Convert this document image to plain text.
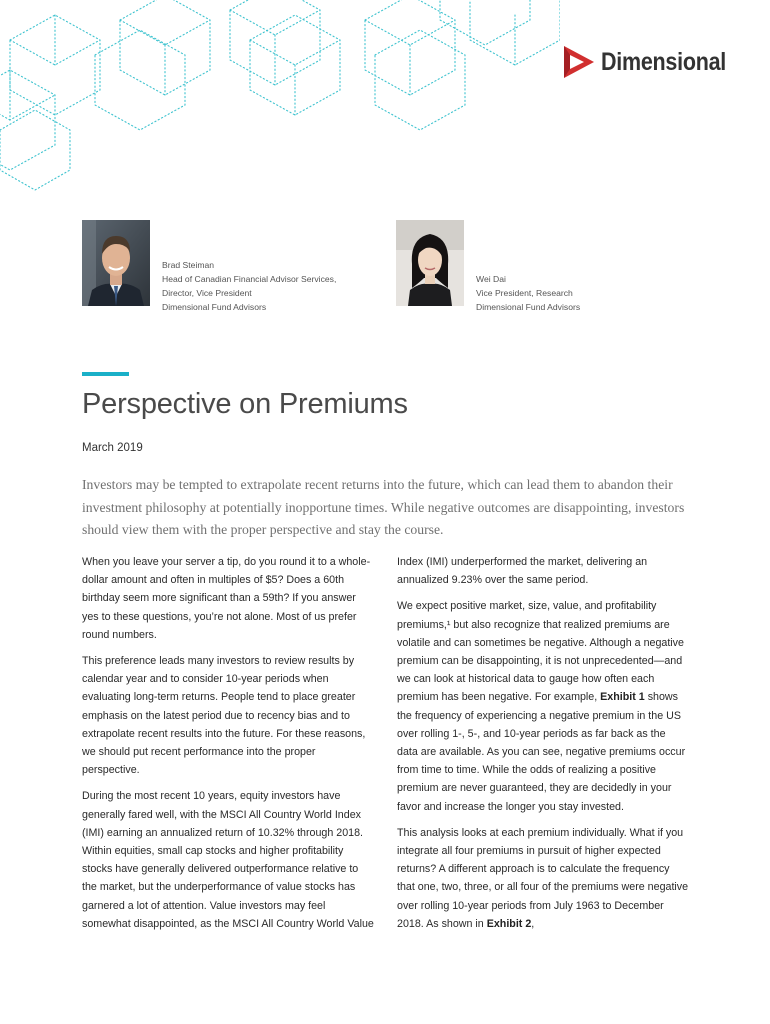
Dimensional
Brad Steiman
Head of Canadian Financial Advisor Services,
Director, Vice President
Dimensional Fund Advisors
Wei Dai
Vice President, Research
Dimensional Fund Advisors
Perspective on Premiums
March 2019

Investors may be tempted to extrapolate recent returns into the future, which can lead them to abandon their investment philosophy at potentially inopportune times. While negative outcomes are disappointing, investors should view them with the proper perspective and stay the course.

When you leave your server a tip, do you round it to a whole-dollar amount and often in multiples of $5? Does a 60th birthday seem more significant than a 59th? If you answer yes to these questions, you’re not alone. Most of us prefer round numbers.

This preference leads many investors to review results by calendar year and to consider 10-year periods when evaluating long-term returns. People tend to place greater emphasis on the latest period due to recency bias and to extrapolate recent results into the future. For these reasons, we should put recent performance into the proper perspective.

During the most recent 10 years, equity investors have generally fared well, with the MSCI All Country World Index (IMI) earning an annualized return of 10.32% through 2018. Within equities, small cap stocks and higher profitability stocks have generally delivered outperformance relative to the market, but the underperformance of value stocks has garnered a lot of attention. Value investors may feel somewhat disappointed, as the MSCI All Country World Value

Index (IMI) underperformed the market, delivering an annualized 9.23% over the same period.

We expect positive market, size, value, and profitability premiums,¹ but also recognize that realized premiums are volatile and can sometimes be negative. Although a negative premium can be disappointing, it is not unprecedented—and we can look at historical data to gauge how often each premium has been negative. For example, Exhibit 1 shows the frequency of experiencing a negative premium in the US over rolling 1-, 5-, and 10-year periods as far back as the data are available. As you can see, negative premiums occur from time to time. While the odds of realizing a positive premium are never guaranteed, they are decidedly in your favor and increase the longer you stay invested.

This analysis looks at each premium individually. What if you integrate all four premiums in pursuit of higher expected returns? A different approach is to calculate the frequency that one, two, three, or all four of the premiums were negative over rolling 10-year periods from July 1963 to December 2018. As shown in Exhibit 2,
